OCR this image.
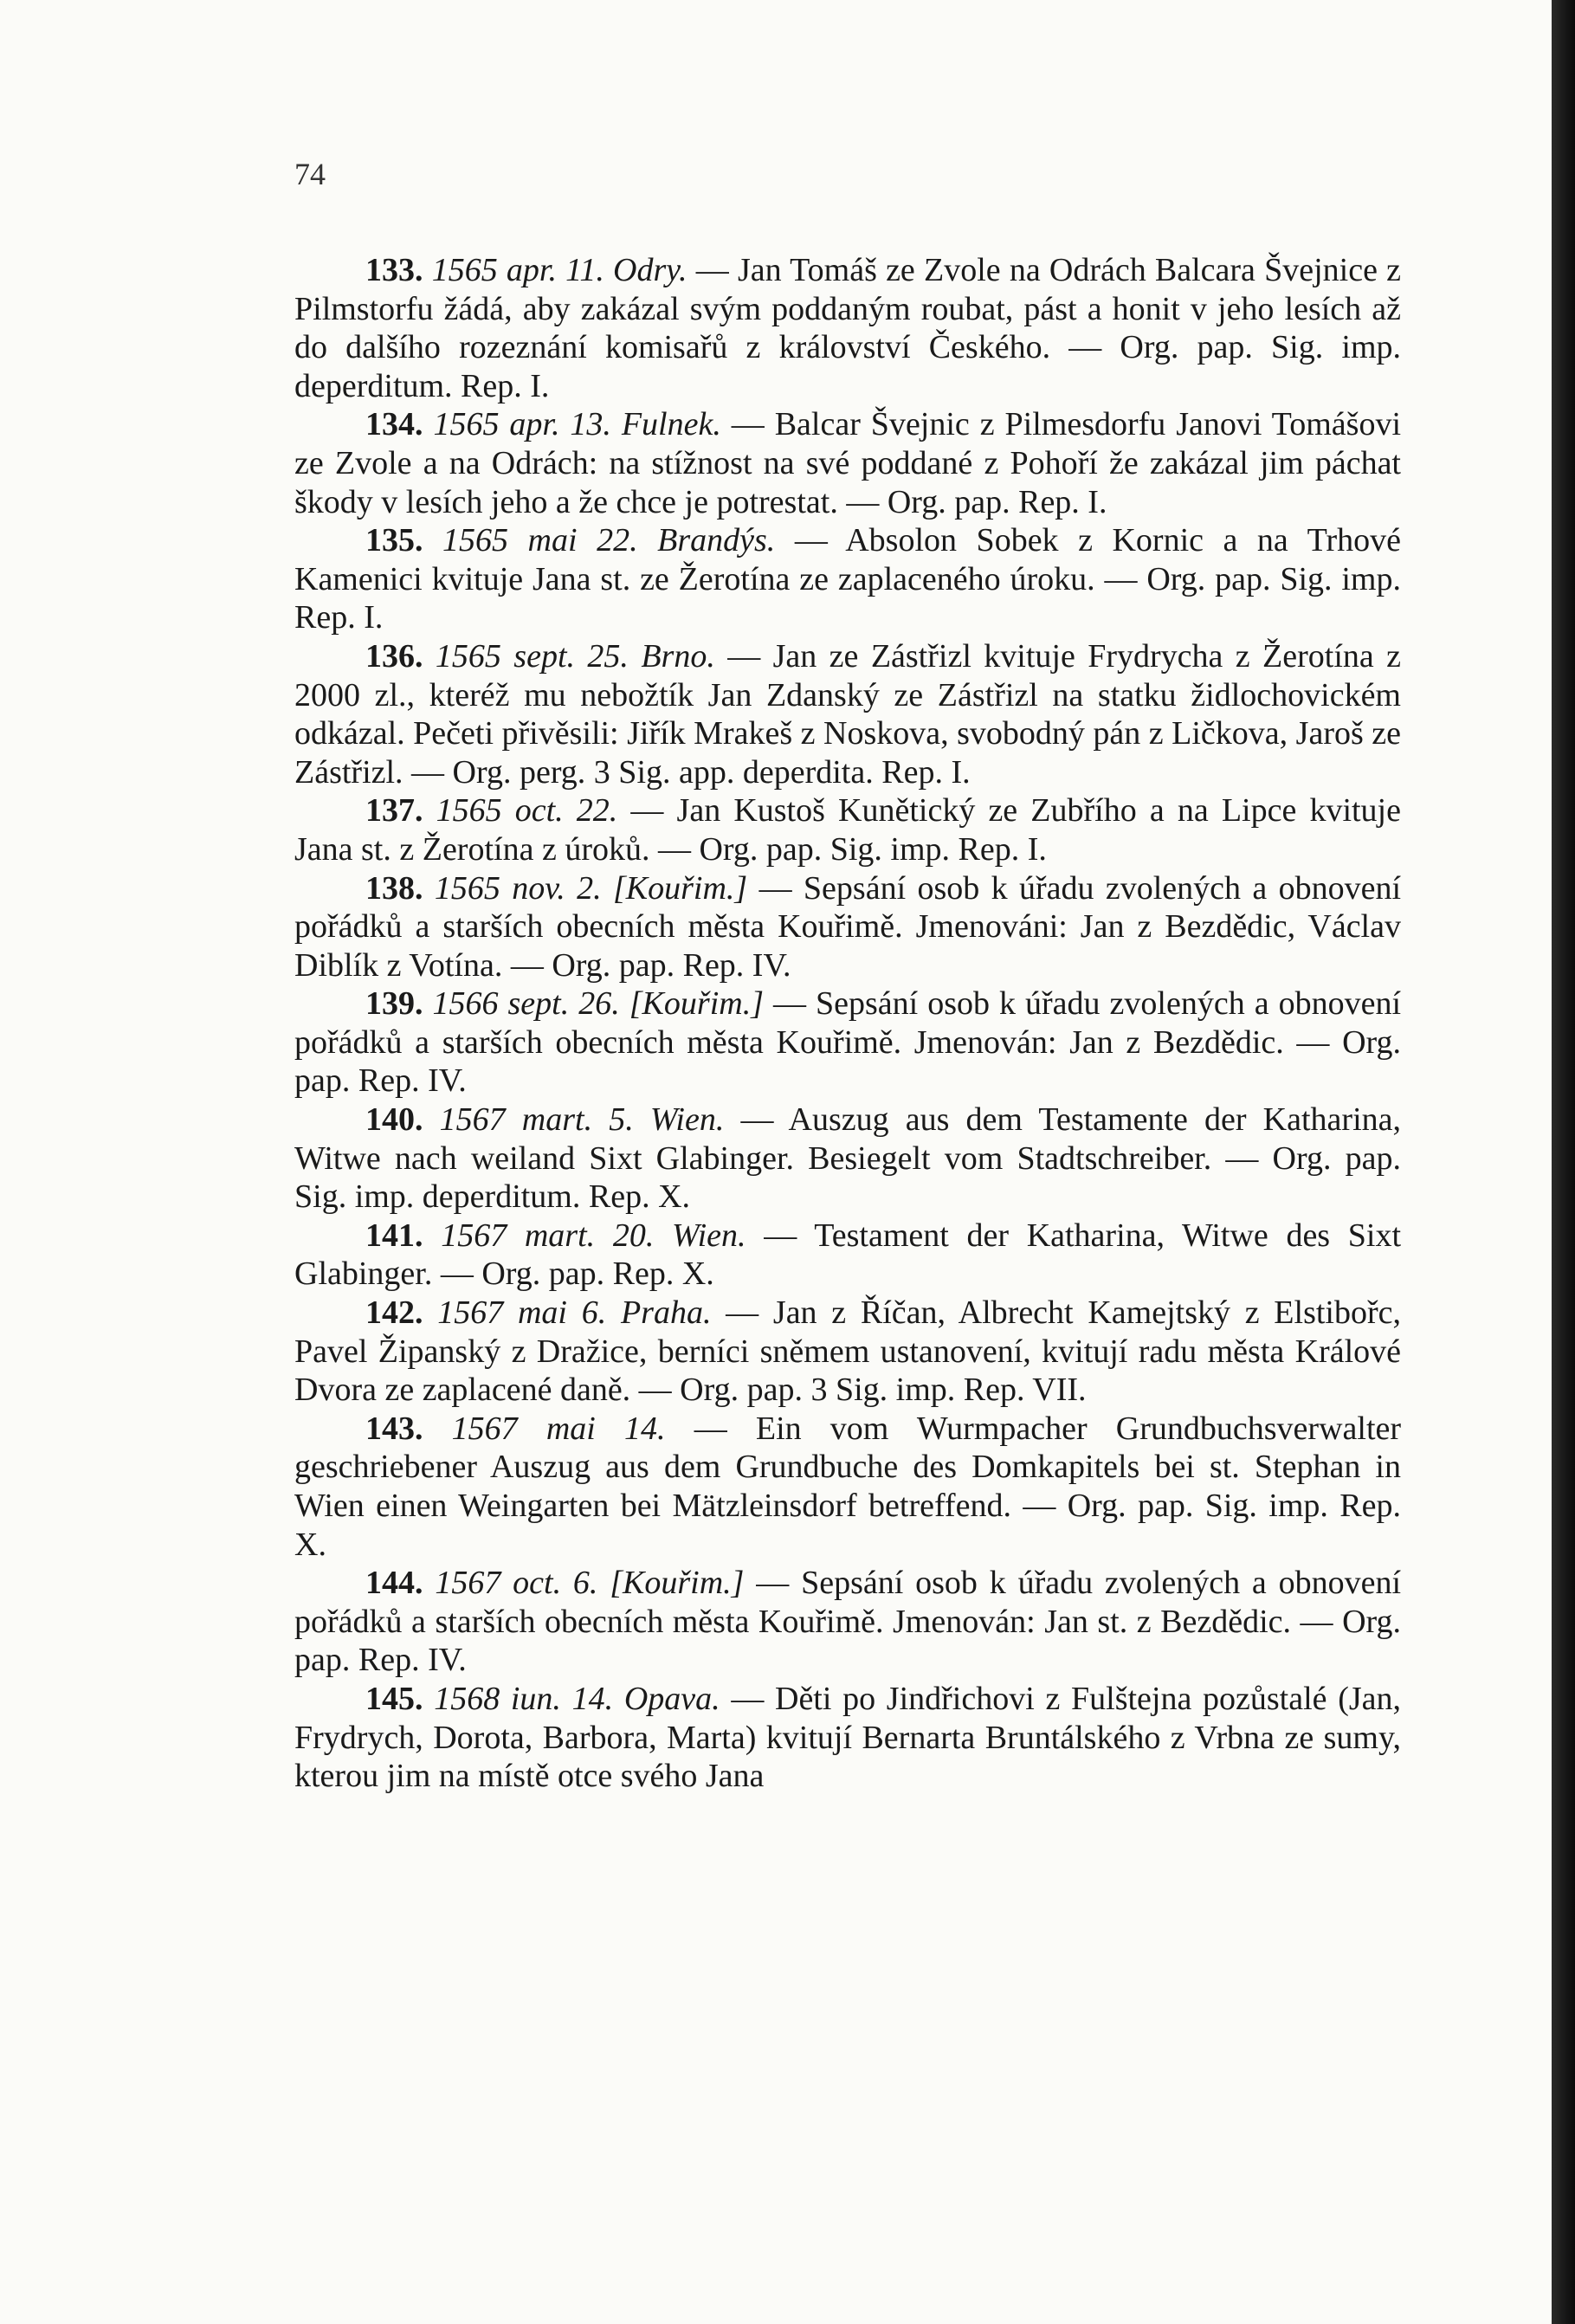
74

133. 1565 apr. 11. Odry. — Jan Tomáš ze Zvole na Odrách Balcara Švejnice z Pilmstorfu žádá, aby zakázal svým poddaným roubat, pást a honit v jeho lesích až do dalšího rozeznání komisařů z království Českého. — Org. pap. Sig. imp. deperditum. Rep. I.

134. 1565 apr. 13. Fulnek. — Balcar Švejnic z Pilmesdorfu Janovi Tomášovi ze Zvole a na Odrách: na stížnost na své poddané z Pohoří že zakázal jim páchat škody v lesích jeho a že chce je potrestat. — Org. pap. Rep. I.

135. 1565 mai 22. Brandýs. — Absolon Sobek z Kornic a na Trhové Kamenici kvituje Jana st. ze Žerotína ze zaplaceného úroku. — Org. pap. Sig. imp. Rep. I.

136. 1565 sept. 25. Brno. — Jan ze Zástřizl kvituje Frydrycha z Žerotína z 2000 zl., kteréž mu nebožtík Jan Zdanský ze Zástřizl na statku židlochovickém odkázal. Pečeti přivěsili: Jiřík Mrakeš z Noskova, svobodný pán z Ličkova, Jaroš ze Zástřizl. — Org. perg. 3 Sig. app. deperdita. Rep. I.

137. 1565 oct. 22. — Jan Kustoš Kunětický ze Zubřího a na Lipce kvituje Jana st. z Žerotína z úroků. — Org. pap. Sig. imp. Rep. I.

138. 1565 nov. 2. [Kouřim.] — Sepsání osob k úřadu zvolených a obnovení pořádků a starších obecních města Kouřimě. Jmenováni: Jan z Bezdědic, Václav Diblík z Votína. — Org. pap. Rep. IV.

139. 1566 sept. 26. [Kouřim.] — Sepsání osob k úřadu zvolených a obnovení pořádků a starších obecních města Kouřimě. Jmenován: Jan z Bezdědic. — Org. pap. Rep. IV.

140. 1567 mart. 5. Wien. — Auszug aus dem Testamente der Katharina, Witwe nach weiland Sixt Glabinger. Besiegelt vom Stadtschreiber. — Org. pap. Sig. imp. deperditum. Rep. X.

141. 1567 mart. 20. Wien. — Testament der Katharina, Witwe des Sixt Glabinger. — Org. pap. Rep. X.

142. 1567 mai 6. Praha. — Jan z Říčan, Albrecht Kamejtský z Elstibořc, Pavel Žipanský z Dražice, berníci sněmem ustanovení, kvitují radu města Králové Dvora ze zaplacené daně. — Org. pap. 3 Sig. imp. Rep. VII.

143. 1567 mai 14. — Ein vom Wurmpacher Grundbuchsverwalter geschriebener Auszug aus dem Grundbuche des Domkapitels bei st. Stephan in Wien einen Weingarten bei Mätzleinsdorf betreffend. — Org. pap. Sig. imp. Rep. X.

144. 1567 oct. 6. [Kouřim.] — Sepsání osob k úřadu zvolených a obnovení pořádků a starších obecních města Kouřimě. Jmenován: Jan st. z Bezdědic. — Org. pap. Rep. IV.

145. 1568 iun. 14. Opava. — Děti po Jindřichovi z Fulštejna pozůstalé (Jan, Frydrych, Dorota, Barbora, Marta) kvitují Bernarta Bruntálského z Vrbna ze sumy, kterou jim na místě otce svého Jana
